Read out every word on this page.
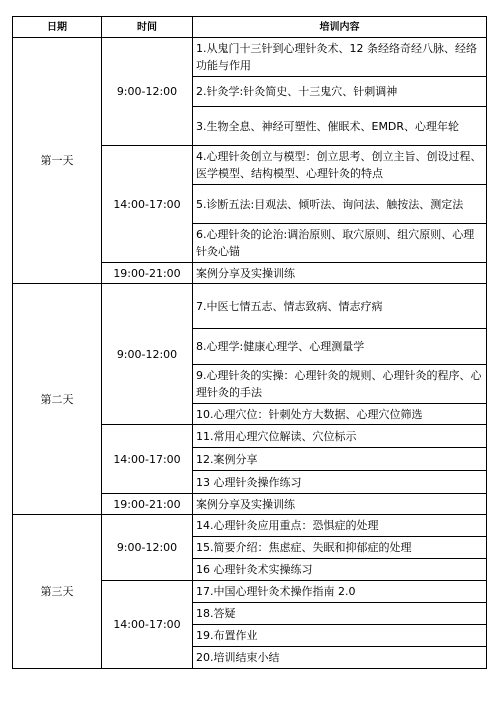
日期	时间	培训内容
第一天	9:00-12:00	1.从鬼门十三针到心理针灸术、12 条经络奇经八脉、经络功能与作用
		2.针灸学:针灸简史、十三鬼穴、针刺调神
		3.生物全息、神经可塑性、催眠术、EMDR、心理年轮
	14:00-17:00	4.心理针灸创立与模型：创立思考、创立主旨、创设过程、医学模型、结构模型、心理针灸的特点
		5.诊断五法:目观法、倾听法、询问法、触按法、测定法
		6.心理针灸的论治:调治原则、取穴原则、组穴原则、心理针灸心锚
	19:00-21:00	案例分享及实操训练
第二天	9:00-12:00	7.中医七情五志、情志致病、情志疗病
		8.心理学:健康心理学、心理测量学
		9.心理针灸的实操：心理针灸的规则、心理针灸的程序、心理针灸的手法
		10.心理穴位：针刺处方大数据、心理穴位筛选
	14:00-17:00	11.常用心理穴位解读、穴位标示
		12.案例分享
		13 心理针灸操作练习
	19:00-21:00	案例分享及实操训练
第三天	9:00-12:00	14.心理针灸应用重点：恐惧症的处理
		15.简要介绍：焦虑症、失眠和抑郁症的处理
		16 心理针灸术实操练习
	14:00-17:00	17.中国心理针灸术操作指南 2.0
		18.答疑
		19.布置作业
		20.培训结束小结
